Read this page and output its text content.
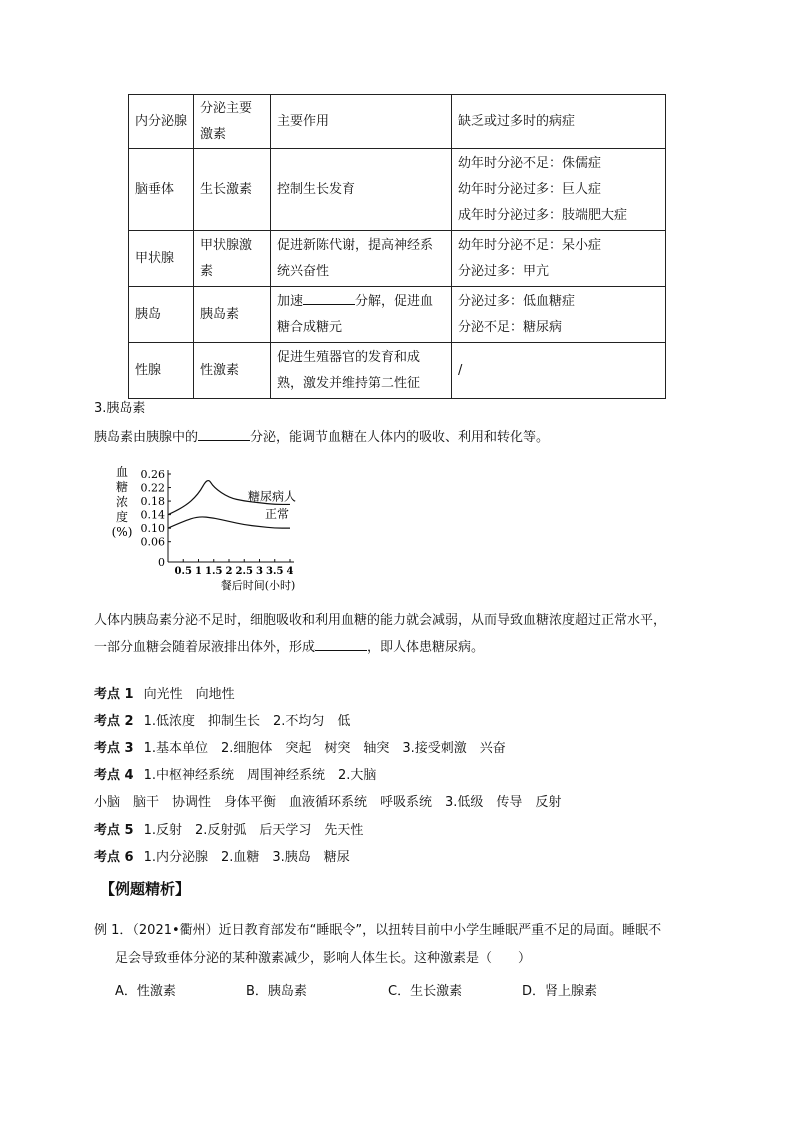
内分泌腺	分泌主要激素	主要作用	缺乏或过多时的病症
脑垂体	生长激素	控制生长发育	幼年时分泌不足：侏儒症
幼年时分泌过多：巨人症
成年时分泌过多：肢端肥大症

甲状腺	甲状腺激素	促进新陈代谢，提高神经系统兴奋性	幼年时分泌不足：呆小症
分泌过多：甲亢

胰岛	胰岛素	加速 分解，促进血糖合成糖元	分泌过多：低血糖症
分泌不足：糖尿病

性腺	性激素	促进生殖器官的发育和成熟，激发并维持第二性征	/
3.胰岛素
胰岛素由胰腺中的	分泌，能调节血糖在人体内的吸收、利用和转化等。
血糖浓度(%)
0.26
0.22
0.18
0.14
0.10
0.06
0
0.5 1 1.5 2 2.5 3 3.5 4
餐后时间(小时)
糖尿病人
正常
人体内胰岛素分泌不足时，细胞吸收和利用血糖的能力就会减弱，从而导致血糖浓度超过正常水平，
一部分血糖会随着尿液排出体外，形成	，即人体患糖尿病。
考点 1 向光性　向地性
考点 2 1.低浓度　抑制生长　2.不均匀　低
考点 3 1.基本单位　2.细胞体　突起　树突　轴突　3.接受刺激　兴奋
考点 4 1.中枢神经系统　周围神经系统　2.大脑
小脑　脑干　协调性　身体平衡　血液循环系统　呼吸系统　3.低级　传导　反射
考点 5 1.反射　2.反射弧　后天学习　先天性
考点 6 1.内分泌腺　2.血糖　3.胰岛　糖尿
【例题精析】
例 1．（2021•衢州）近日教育部发布“睡眠令”，以扭转目前中小学生睡眠严重不足的局面。睡眠不
足会导致垂体分泌的某种激素减少，影响人体生长。这种激素是（　　）
A．性激素	B．胰岛素	C．生长激素	D．肾上腺素
